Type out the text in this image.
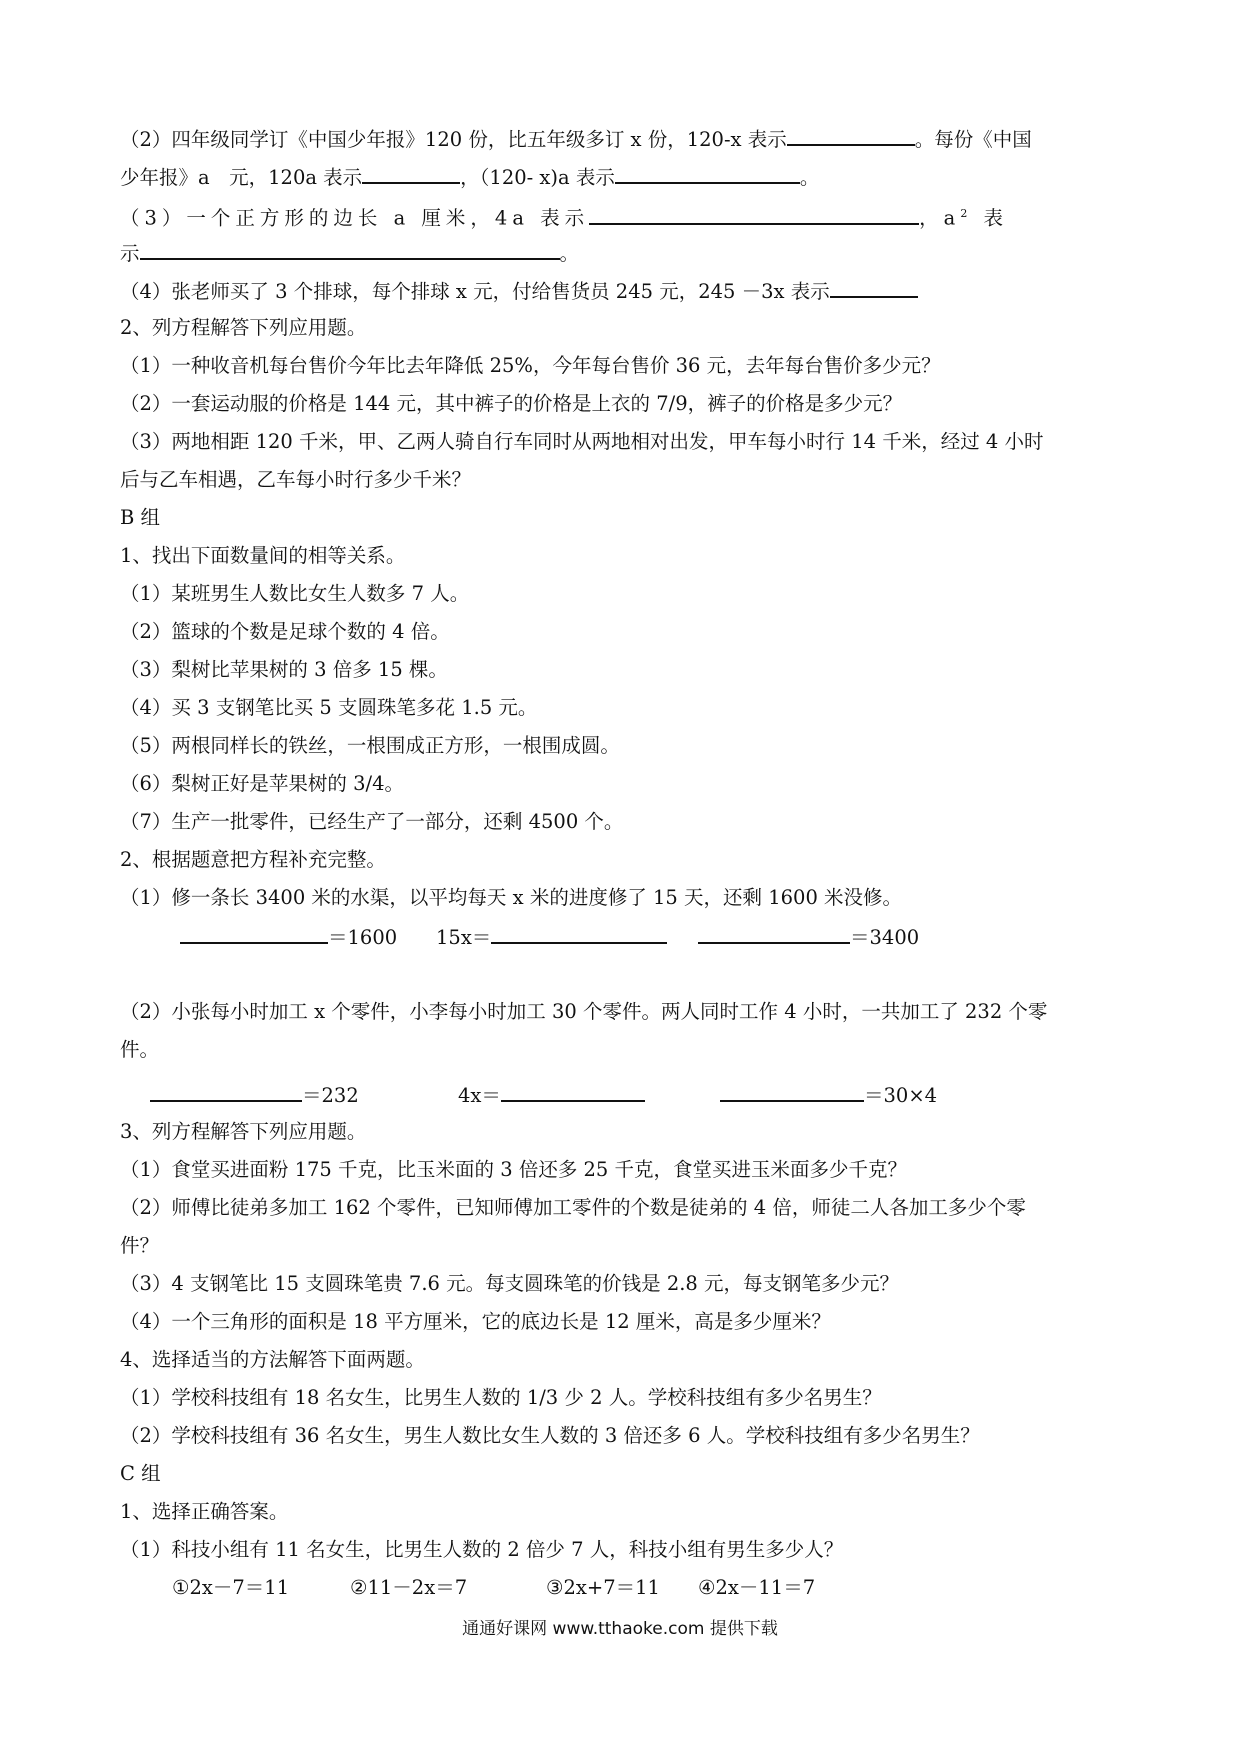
（2）四年级同学订《中国少年报》120 份，比五年级多订 x 份，120-x 表示	。每份《中国
少年报》a　元，120a 表示	，（120- x)a 表示	。
（3）一个正方形的边长 a 厘米，4a 表示	，$a^2$ 表
示	。
（4）张老师买了 3 个排球，每个排球 x 元，付给售货员 245 元，245 －3x 表示
2、列方程解答下列应用题。
（1）一种收音机每台售价今年比去年降低 25%，今年每台售价 36 元，去年每台售价多少元？
（2）一套运动服的价格是 144 元，其中裤子的价格是上衣的 7/9，裤子的价格是多少元？
（3）两地相距 120 千米，甲、乙两人骑自行车同时从两地相对出发，甲车每小时行 14 千米，经过 4 小时
后与乙车相遇，乙车每小时行多少千米？
B 组
1、找出下面数量间的相等关系。
（1）某班男生人数比女生人数多 7 人。
（2）篮球的个数是足球个数的 4 倍。
（3）梨树比苹果树的 3 倍多 15 棵。
（4）买 3 支钢笔比买 5 支圆珠笔多花 1.5 元。
（5）两根同样长的铁丝，一根围成正方形，一根围成圆。
（6）梨树正好是苹果树的 3/4。
（7）生产一批零件，已经生产了一部分，还剩 4500 个。
2、根据题意把方程补充完整。
（1）修一条长 3400 米的水渠，以平均每天 x 米的进度修了 15 天，还剩 1600 米没修。
＝1600 15x＝	＝3400
（2）小张每小时加工 x 个零件，小李每小时加工 30 个零件。两人同时工作 4 小时，一共加工了 232 个零
件。
＝232	4x＝	＝30×4
3、列方程解答下列应用题。
（1）食堂买进面粉 175 千克，比玉米面的 3 倍还多 25 千克，食堂买进玉米面多少千克？
（2）师傅比徒弟多加工 162 个零件，已知师傅加工零件的个数是徒弟的 4 倍，师徒二人各加工多少个零
件？
（3）4 支钢笔比 15 支圆珠笔贵 7.6 元。每支圆珠笔的价钱是 2.8 元，每支钢笔多少元？
（4）一个三角形的面积是 18 平方厘米，它的底边长是 12 厘米，高是多少厘米？
4、选择适当的方法解答下面两题。
（1）学校科技组有 18 名女生，比男生人数的 1/3 少 2 人。学校科技组有多少名男生？
（2）学校科技组有 36 名女生，男生人数比女生人数的 3 倍还多 6 人。学校科技组有多少名男生？
C 组
1、选择正确答案。
（1）科技小组有 11 名女生，比男生人数的 2 倍少 7 人，科技小组有男生多少人？
①2x－7＝11	②11－2x＝7	③2x+7＝11 ④2x－11＝7
通通好课网 www.tthaoke.com 提供下载
